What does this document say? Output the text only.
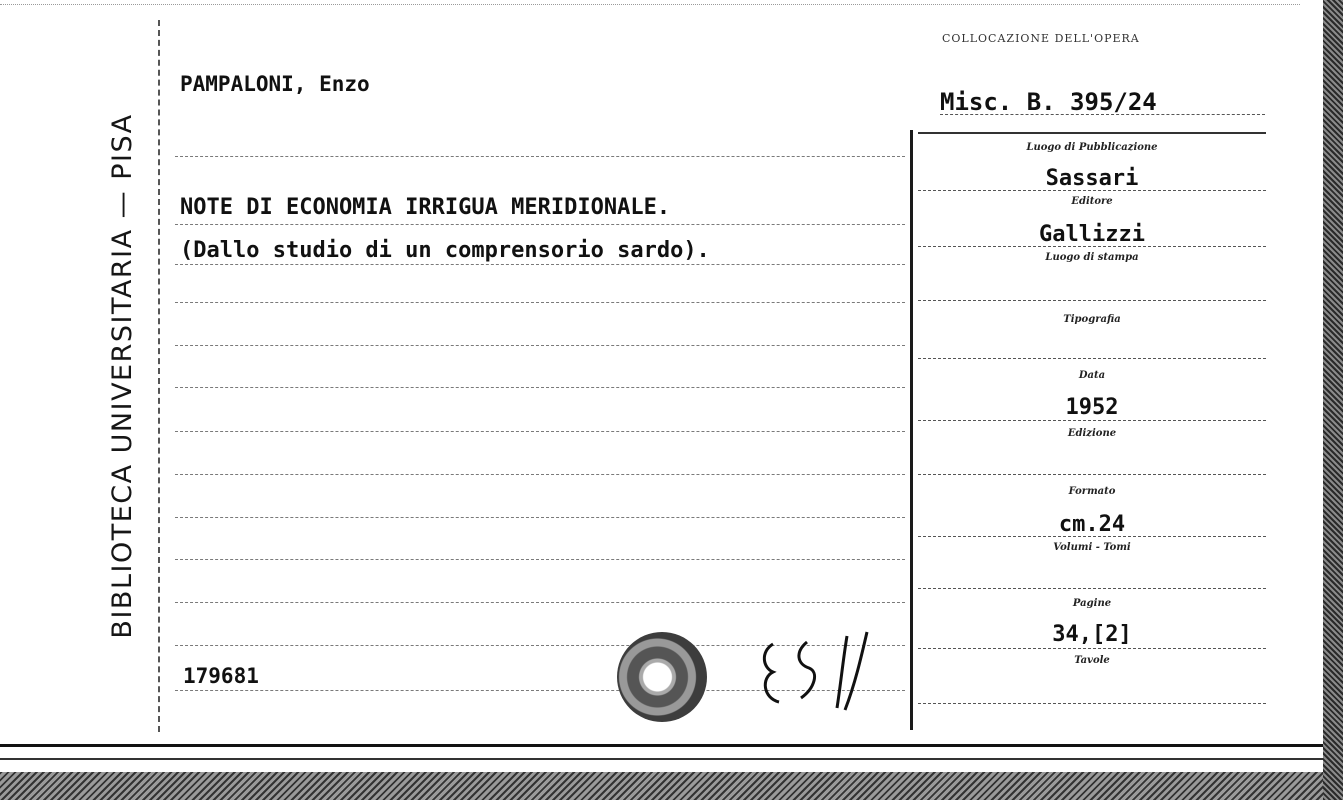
BIBLIOTECA UNIVERSITARIA — PISA
COLLOCAZIONE DELL'OPERA
Misc. B. 395/24
PAMPALONI, Enzo
NOTE DI ECONOMIA IRRIGUA MERIDIONALE.
(Dallo studio di un comprensorio sardo).
Luogo di Pubblicazione
Sassari
Editore
Gallizzi
Luogo di stampa
Tipografia
Data
1952
Edizione
Formato
cm.24
Volumi - Tomi
Pagine
34,[2]
Tavole
179681
